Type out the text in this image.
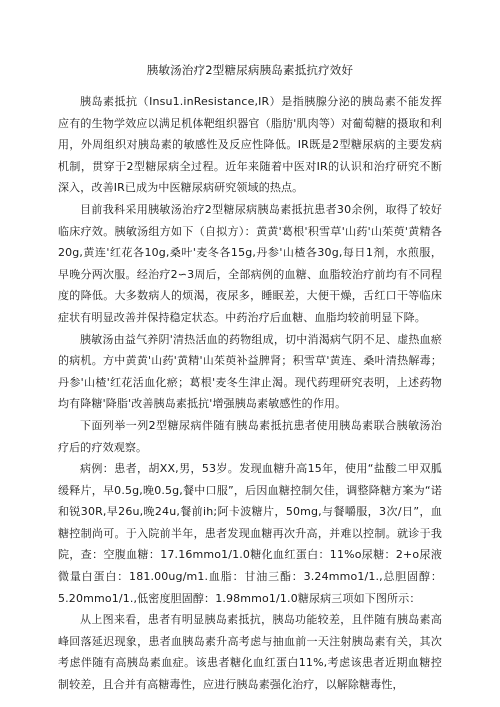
胰敏汤治疗2型糖尿病胰岛素抵抗疗效好

胰岛素抵抗（Insu1.inResistance,IR）是指胰腺分泌的胰岛素不能发挥应有的生物学效应以满足机体靶组织器官（脂肪'肌肉等）对葡萄糖的摄取和利用，外周组织对胰岛素的敏感性及反应性降低。IR既是2型糖尿病的主要发病机制，贯穿于2型糖尿病全过程。近年来随着中医对IR的认识和治疗研究不断深入，改善IR已成为中医糖尿病研究领域的热点。

目前我科采用胰敏汤治疗2型糖尿病胰岛素抵抗患者30余例，取得了较好临床疗效。胰敏汤组方如下（自拟方）：黄黄'葛根'积雪草'山药'山茱萸'黄精各20g,黄连'红花各10g,桑叶'麦冬各15g,丹参'山楂各30g,每日1剂，水煎服，早晚分两次服。经治疗2∽3周后，全部病例的血糖、血脂较治疗前均有不同程度的降低。大多数病人的烦渴，夜尿多，睡眠差，大便干燥，舌红口干等临床症状有明显改善并保持稳定状态。中药治疗后血糖、血脂均较前明显下降。

胰敏汤由益气养阴'清热活血的药物组成，切中消渴病气阴不足、虚热血瘀的病机。方中黄黄'山药'黄精'山茱萸补益脾肾；积雪草'黄连、桑叶清热解毒；丹参'山楂'红花活血化瘀；葛根'麦冬生津止渴。现代药理研究表明，上述药物均有降糖'降脂'改善胰岛素抵抗'增强胰岛素敏感性的作用。

下面列举一列2型糖尿病伴随有胰岛素抵抗患者使用胰岛素联合胰敏汤治疗后的疗效观察。

病例：患者，胡XX,男，53岁。发现血糖升高15年，使用“盐酸二甲双胍缓释片，早0.5g,晚0.5g,餐中口服”，后因血糖控制欠佳，调整降糖方案为“诺和锐30R,早26u,晚24u,餐前ih;阿卡波糖片，50mg,与餐嚼服，3次/日”，血糖控制尚可。于入院前半年，患者发现血糖再次升高，并难以控制。就诊于我院，查：空腹血糖：17.16mmo1/1.0糖化血红蛋白：11%o尿糖：2+o尿液微量白蛋白：181.00ug∕m1.血脂：甘油三酯：3.24mmo1/1.,总胆固醇：5.20mmo1/1.,低密度胆固醇：1.98mmo1/1.0糖尿病三项如下图所示：

从上图来看，患者有明显胰岛素抵抗，胰岛功能较差，且伴随有胰岛素高峰回落延迟现象，患者血胰岛素升高考虑与抽血前一天注射胰岛素有关，其次考虑伴随有高胰岛素血症。该患者糖化血红蛋白11%,考虑该患者近期血糖控制较差，且合并有高糖毒性，应进行胰岛素强化治疗，以解除糖毒性，
